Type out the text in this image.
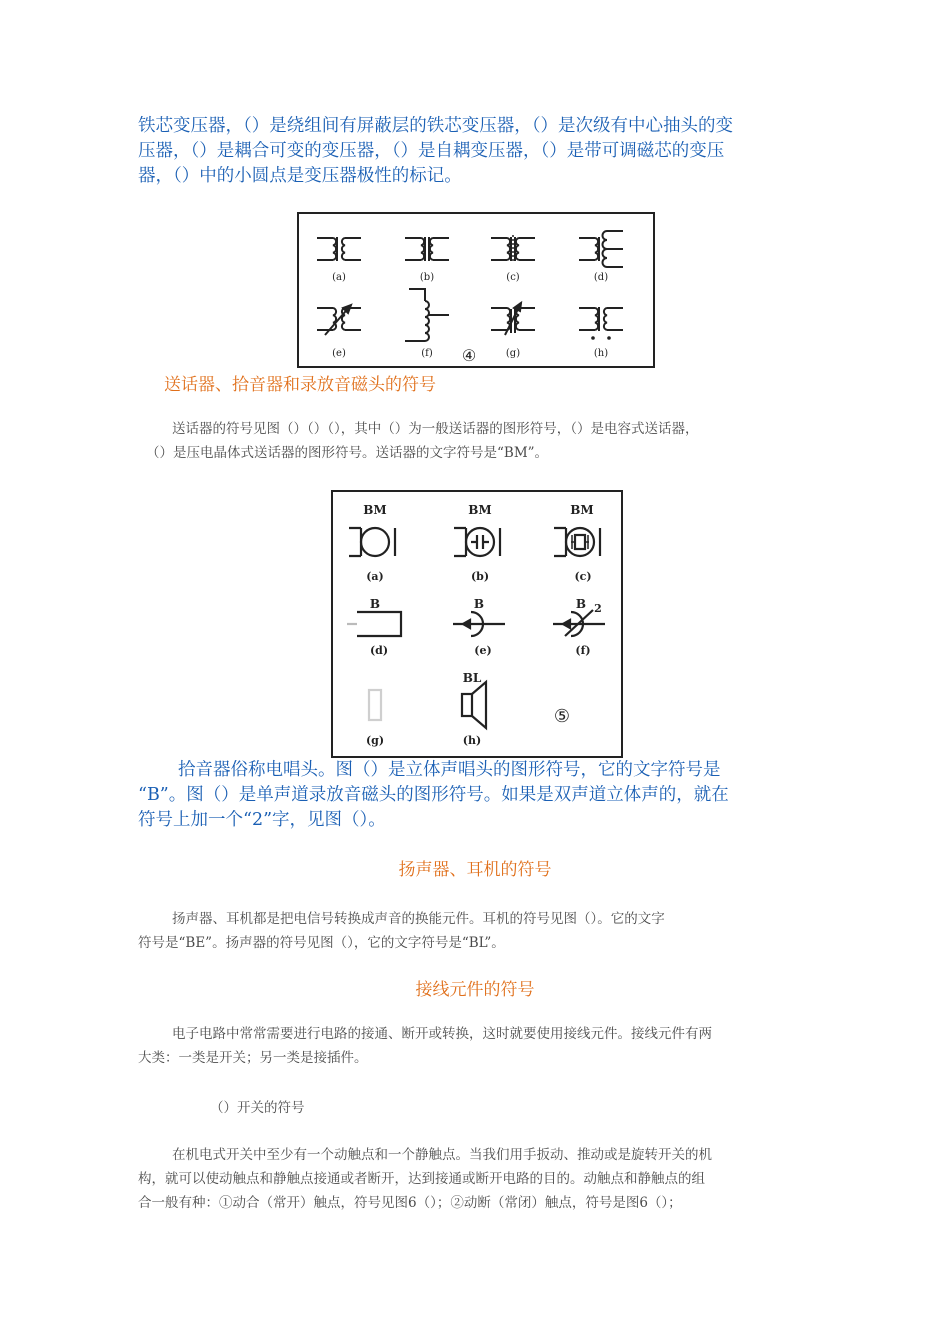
铁芯变压器，（）是绕组间有屏蔽层的铁芯变压器，（）是次级有中心抽头的变
压器，（）是耦合可变的变压器，（）是自耦变压器，（）是带可调磁芯的变压
器，（）中的小圆点是变压器极性的标记。
(a)	(b)	(c)	(d)
(e)	(f)	(g)	(h)
④
送话器、拾音器和录放音磁头的符号
送话器的符号见图（）（）（），其中（）为一般送话器的图形符号，（）是电容式送话器，
（）是压电晶体式送话器的图形符号。送话器的文字符号是“BM”。
BM	BM	BM
B	B	B 2
BL
(a)	(b)	(c)
(d)	(e)	(f)
(g)	(h)
⑤
拾音器俗称电唱头。图（）是立体声唱头的图形符号，它的文字符号是
“B”。图（）是单声道录放音磁头的图形符号。如果是双声道立体声的，就在
符号上加一个“2”字，见图（）。
扬声器、耳机的符号
扬声器、耳机都是把电信号转换成声音的换能元件。耳机的符号见图（）。它的文字
符号是“BE”。扬声器的符号见图（），它的文字符号是“BL”。
接线元件的符号
电子电路中常常需要进行电路的接通、断开或转换，这时就要使用接线元件。接线元件有两
大类：一类是开关；另一类是接插件。
（）开关的符号
在机电式开关中至少有一个动触点和一个静触点。当我们用手扳动、推动或是旋转开关的机
构，就可以使动触点和静触点接通或者断开，达到接通或断开电路的目的。动触点和静触点的组
合一般有种：①动合（常开）触点，符号见图6（）；②动断（常闭）触点，符号是图6（）；
